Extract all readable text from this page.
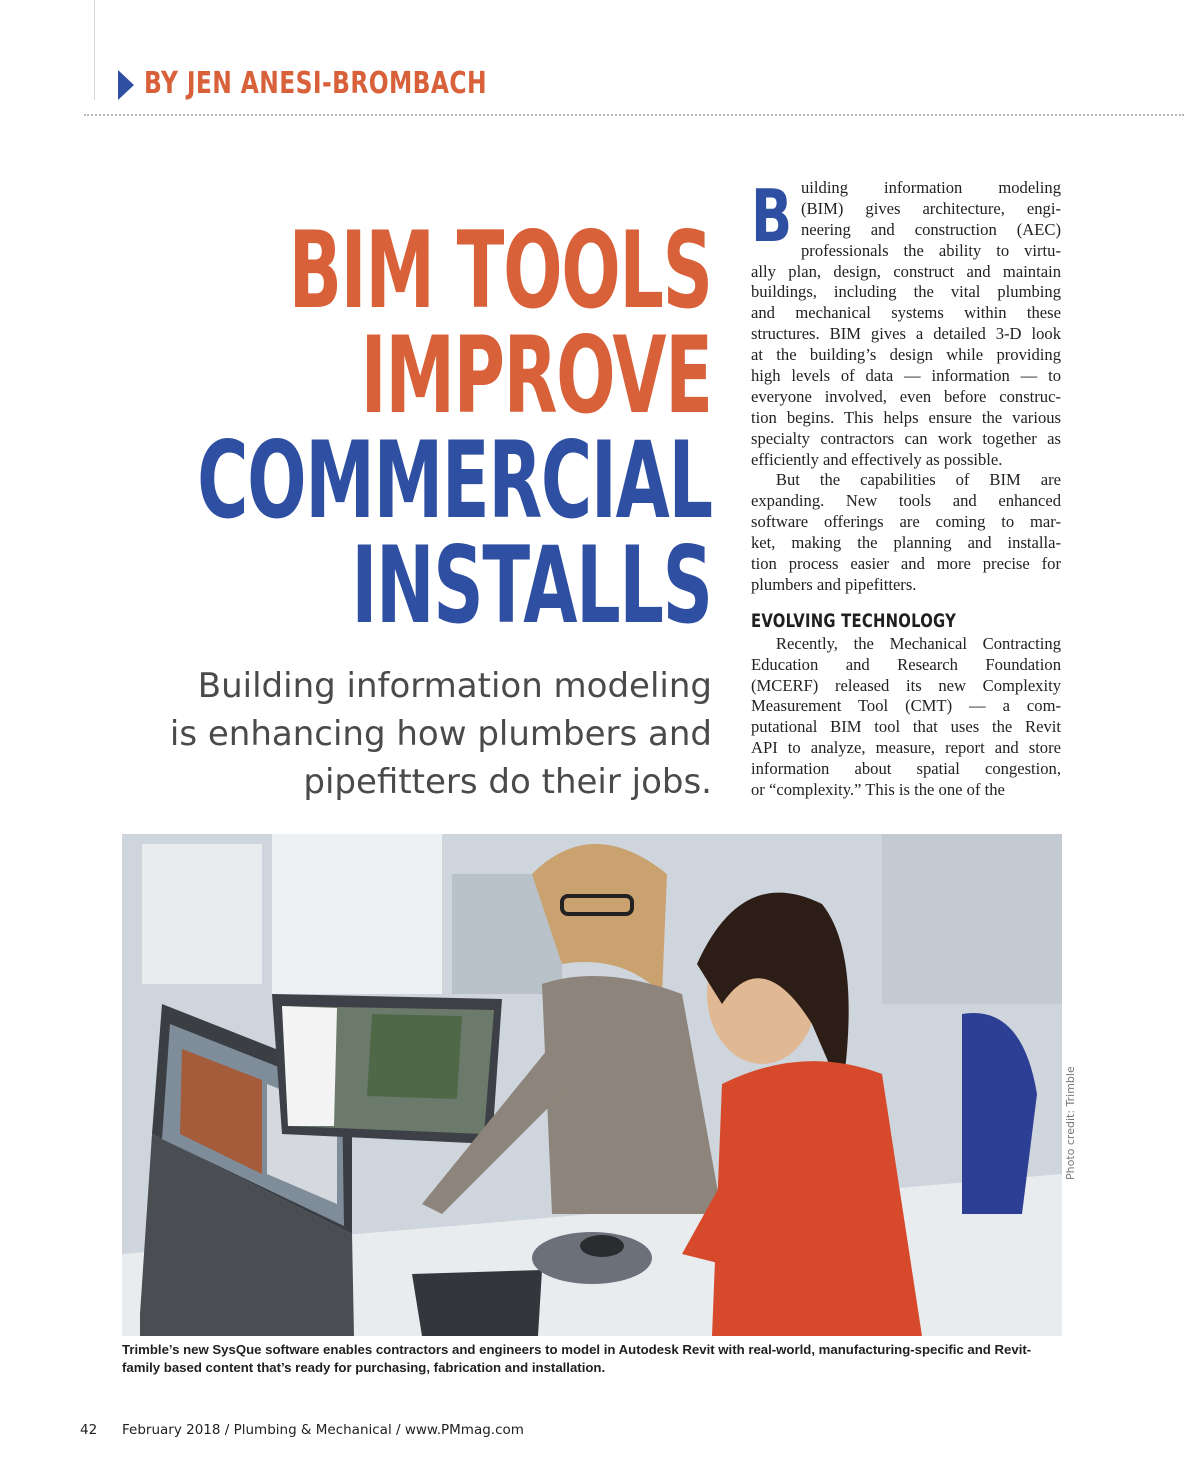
BY JEN ANESI-BROMBACH
BIM TOOLS
IMPROVE
COMMERCIAL
INSTALLS
Building information modeling
is enhancing how plumbers and
pipefitters do their jobs.
B uilding information modeling
(BIM) gives architecture, engi-
neering and construction (AEC)
professionals the ability to virtu-
ally plan, design, construct and maintain
buildings, including the vital plumbing
and mechanical systems within these
structures. BIM gives a detailed 3-D look
at the building’s design while providing
high levels of data — information — to
everyone involved, even before construc-
tion begins. This helps ensure the various
specialty contractors can work together as
efficiently and effectively as possible.
But the capabilities of BIM are
expanding. New tools and enhanced
software offerings are coming to mar-
ket, making the planning and installa-
tion process easier and more precise for
plumbers and pipefitters.
EVOLVING TECHNOLOGY
Recently, the Mechanical Contracting
Education and Research Foundation
(MCERF) released its new Complexity
Measurement Tool (CMT) — a com-
putational BIM tool that uses the Revit
API to analyze, measure, report and store
information about spatial congestion,
or “complexity.” This is the one of the
Photo credit: Trimble
Trimble’s new SysQue software enables contractors and engineers to model in Autodesk Revit with real-world, manufacturing-specific and Revit- family based content that’s ready for purchasing, fabrication and installation.
42	February 2018 / Plumbing & Mechanical / www.PMmag.com
